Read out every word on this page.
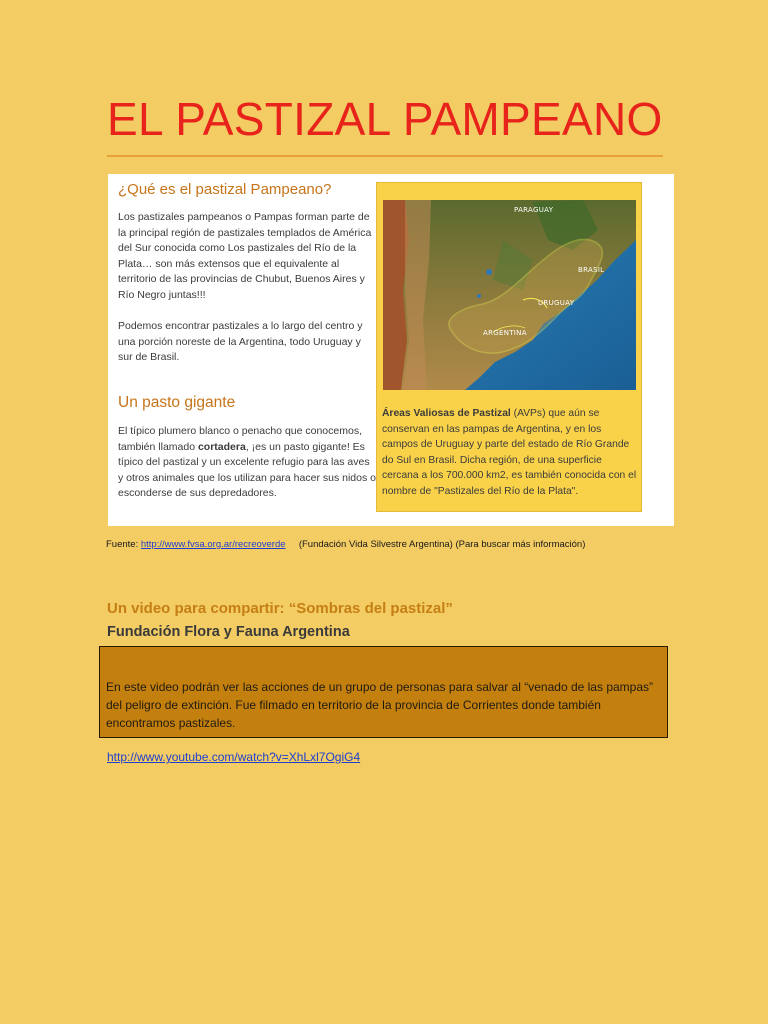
EL PASTIZAL PAMPEANO
¿Qué es el pastizal Pampeano?

Los pastizales pampeanos o Pampas forman parte de la principal región de pastizales templados de América del Sur conocida como Los pastizales del Río de la Plata… son más extensos que el equivalente al territorio de las provincias de Chubut, Buenos Aires y Río Negro juntas!!!

Podemos encontrar pastizales a lo largo del centro y una porción noreste de la Argentina, todo Uruguay y sur de Brasil.

Un pasto gigante

El típico plumero blanco o penacho que conocemos, también llamado cortadera, ¡es un pasto gigante! Es típico del pastizal y un excelente refugio para las aves y otros animales que los utilizan para hacer sus nidos o esconderse de sus depredadores.

PARAGUAY
BRASIL
URUGUAY
ARGENTINA

Áreas Valiosas de Pastizal (AVPs) que aún se conservan en las pampas de Argentina, y en los campos de Uruguay y parte del estado de Río Grande do Sul en Brasil. Dicha región, de una superficie cercana a los 700.000 km2, es también conocida con el nombre de "Pastizales del Río de la Plata".

Fuente: http://www.fvsa.org.ar/recreoverde (Fundación Vida Silvestre Argentina) (Para buscar más información)
Un video para compartir: “Sombras del pastizal”
Fundación Flora y Fauna Argentina

En este video podrán ver las acciones de un grupo de personas para salvar al “venado de las pampas” del peligro de extinción. Fue filmado en territorio de la provincia de Corrientes donde también encontramos pastizales.

http://www.youtube.com/watch?v=XhLxl7OgiG4
